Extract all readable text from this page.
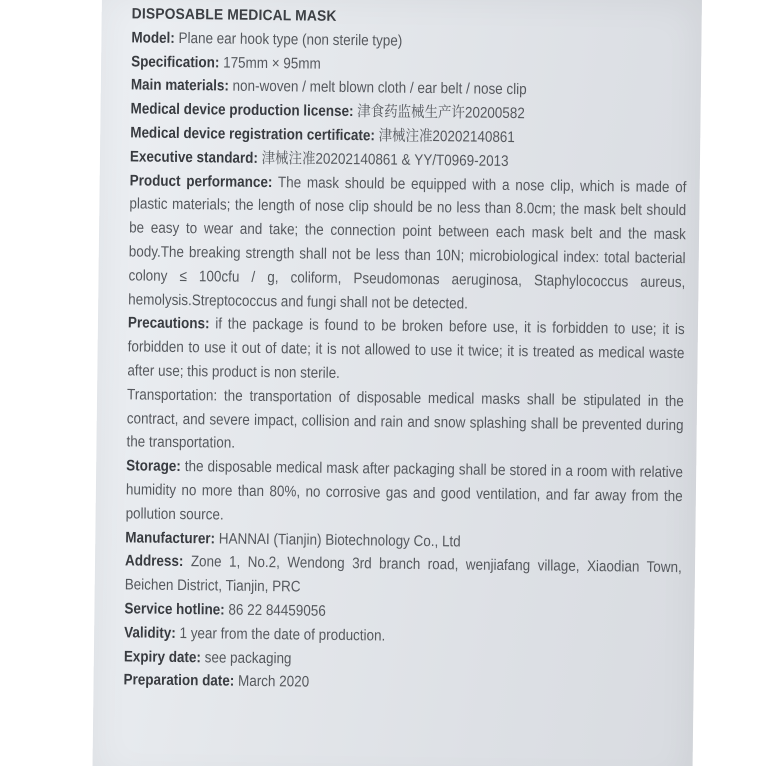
DISPOSABLE MEDICAL MASK

Model: Plane ear hook type (non sterile type)

Specification: 175mm × 95mm

Main materials: non-woven / melt blown cloth / ear belt / nose clip

Medical device production license: 津食药监械生产许20200582

Medical device registration certificate: 津械注准20202140861

Executive standard: 津械注准20202140861 & YY/T0969-2013

Product performance: The mask should be equipped with a nose clip, which is made of plastic materials; the length of nose clip should be no less than 8.0cm; the mask belt should be easy to wear and take; the connection point between each mask belt and the mask body.The breaking strength shall not be less than 10N; microbiological index: total bacterial colony ≤ 100cfu / g, coliform, Pseudomonas aeruginosa, Staphylococcus aureus, hemolysis.Streptococcus and fungi shall not be detected.

Precautions: if the package is found to be broken before use, it is forbidden to use; it is forbidden to use it out of date; it is not allowed to use it twice; it is treated as medical waste after use; this product is non sterile.

Transportation: the transportation of disposable medical masks shall be stipulated in the contract, and severe impact, collision and rain and snow splashing shall be prevented during the transportation.

Storage: the disposable medical mask after packaging shall be stored in a room with relative humidity no more than 80%, no corrosive gas and good ventilation, and far away from the pollution source.

Manufacturer: HANNAI (Tianjin) Biotechnology Co., Ltd

Address: Zone 1, No.2, Wendong 3rd branch road, wenjiafang village, Xiaodian Town, Beichen District, Tianjin, PRC

Service hotline: 86 22 84459056

Validity: 1 year from the date of production.

Expiry date: see packaging

Preparation date: March 2020
